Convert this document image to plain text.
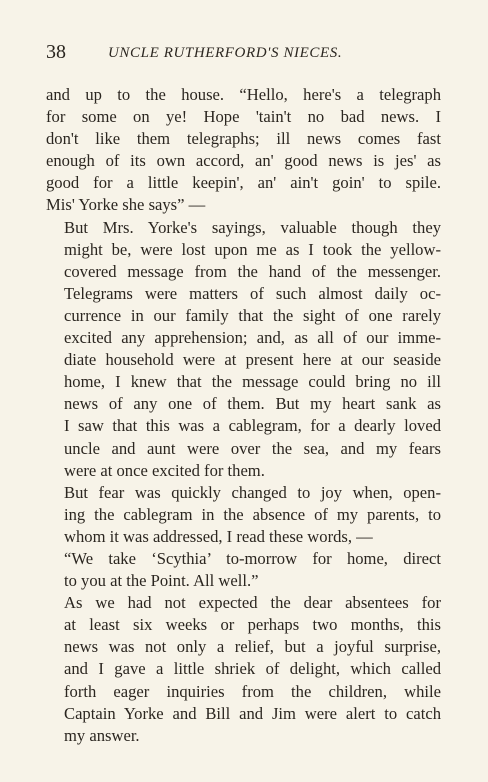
38	UNCLE RUTHERFORD'S NIECES.

and up to the house. “Hello, here's a telegraph
for some on ye! Hope 'tain't no bad news. I
don't like them telegraphs; ill news comes fast
enough of its own accord, an' good news is jes' as
good for a little keepin', an' ain't goin' to spile.
Mis' Yorke she says” —

But Mrs. Yorke's sayings, valuable though they
might be, were lost upon me as I took the yellow-
covered message from the hand of the messenger.
Telegrams were matters of such almost daily oc-
currence in our family that the sight of one rarely
excited any apprehension; and, as all of our imme-
diate household were at present here at our seaside
home, I knew that the message could bring no ill
news of any one of them. But my heart sank as
I saw that this was a cablegram, for a dearly loved
uncle and aunt were over the sea, and my fears
were at once excited for them.

But fear was quickly changed to joy when, open-
ing the cablegram in the absence of my parents, to
whom it was addressed, I read these words, —

“We take ‘Scythia’ to-morrow for home, direct
to you at the Point. All well.”

As we had not expected the dear absentees for
at least six weeks or perhaps two months, this
news was not only a relief, but a joyful surprise,
and I gave a little shriek of delight, which called
forth eager inquiries from the children, while
Captain Yorke and Bill and Jim were alert to catch
my answer.
